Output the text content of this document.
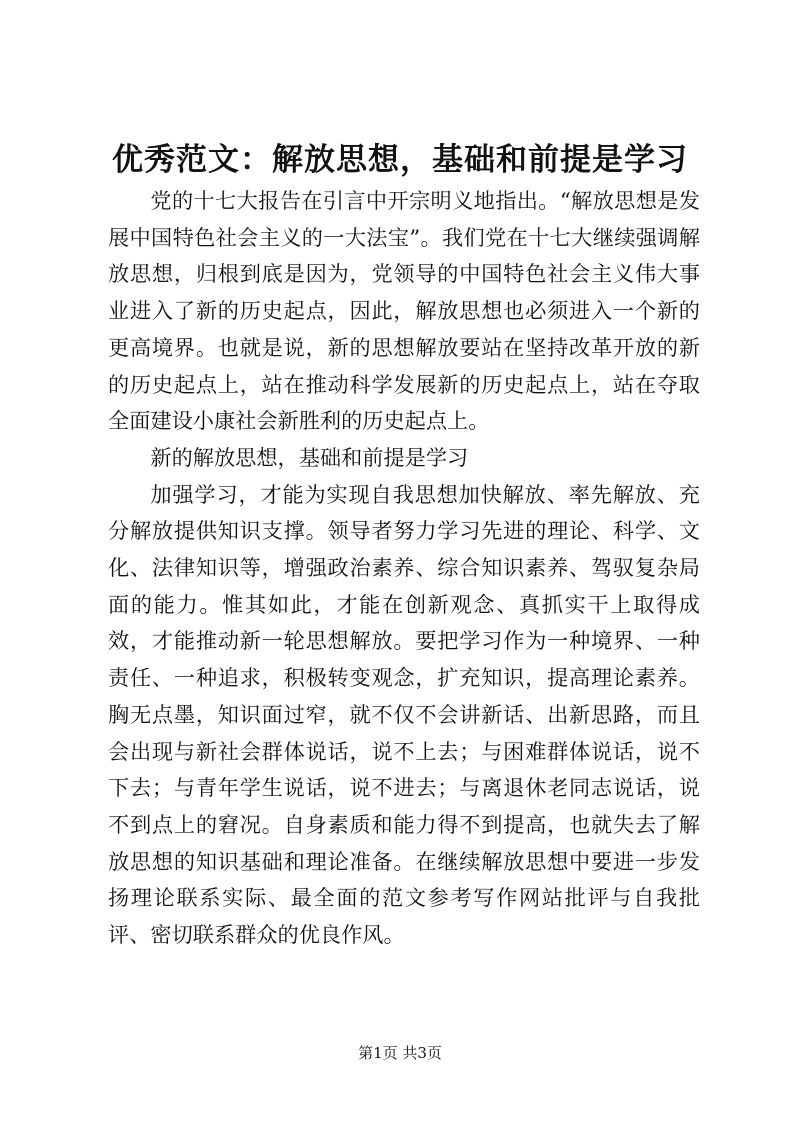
优秀范文：解放思想，基础和前提是学习

党的十七大报告在引言中开宗明义地指出。“解放思想是发展中国特色社会主义的一大法宝”。我们党在十七大继续强调解放思想，归根到底是因为，党领导的中国特色社会主义伟大事业进入了新的历史起点，因此，解放思想也必须进入一个新的更高境界。也就是说，新的思想解放要站在坚持改革开放的新的历史起点上，站在推动科学发展新的历史起点上，站在夺取全面建设小康社会新胜利的历史起点上。

新的解放思想，基础和前提是学习

加强学习，才能为实现自我思想加快解放、率先解放、充分解放提供知识支撑。领导者努力学习先进的理论、科学、文化、法律知识等，增强政治素养、综合知识素养、驾驭复杂局面的能力。惟其如此，才能在创新观念、真抓实干上取得成效，才能推动新一轮思想解放。要把学习作为一种境界、一种责任、一种追求，积极转变观念，扩充知识，提高理论素养。胸无点墨，知识面过窄，就不仅不会讲新话、出新思路，而且会出现与新社会群体说话，说不上去；与困难群体说话，说不下去；与青年学生说话，说不进去；与离退休老同志说话，说不到点上的窘况。自身素质和能力得不到提高，也就失去了解放思想的知识基础和理论准备。在继续解放思想中要进一步发扬理论联系实际、最全面的范文参考写作网站批评与自我批评、密切联系群众的优良作风。

第1页 共3页
